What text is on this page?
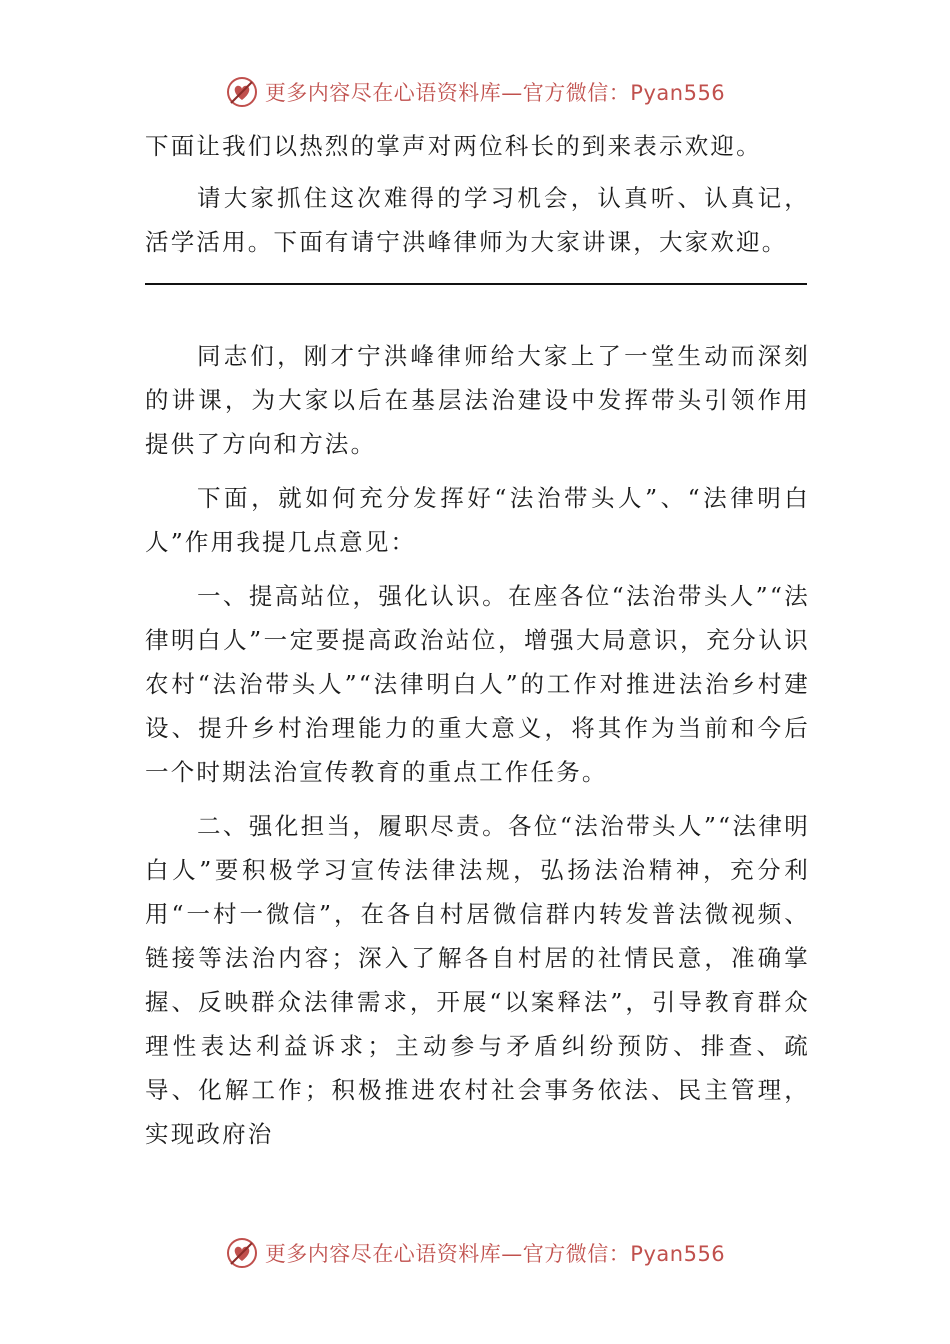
更多内容尽在心语资料库—官方微信：Pyan556

下面让我们以热烈的掌声对两位科长的到来表示欢迎。

请大家抓住这次难得的学习机会，认真听、认真记，活学活用。下面有请宁洪峰律师为大家讲课，大家欢迎。

同志们，刚才宁洪峰律师给大家上了一堂生动而深刻的讲课，为大家以后在基层法治建设中发挥带头引领作用提供了方向和方法。

下面，就如何充分发挥好“法治带头人”、“法律明白人”作用我提几点意见：

一、提高站位，强化认识。在座各位“法治带头人”“法律明白人”一定要提高政治站位，增强大局意识，充分认识农村“法治带头人”“法律明白人”的工作对推进法治乡村建设、提升乡村治理能力的重大意义，将其作为当前和今后一个时期法治宣传教育的重点工作任务。

二、强化担当，履职尽责。各位“法治带头人”“法律明白人”要积极学习宣传法律法规，弘扬法治精神，充分利用“一村一微信”，在各自村居微信群内转发普法微视频、链接等法治内容；深入了解各自村居的社情民意，准确掌握、反映群众法律需求，开展“以案释法”，引导教育群众理性表达利益诉求；主动参与矛盾纠纷预防、排查、疏导、化解工作；积极推进农村社会事务依法、民主管理，实现政府治

更多内容尽在心语资料库—官方微信：Pyan556
